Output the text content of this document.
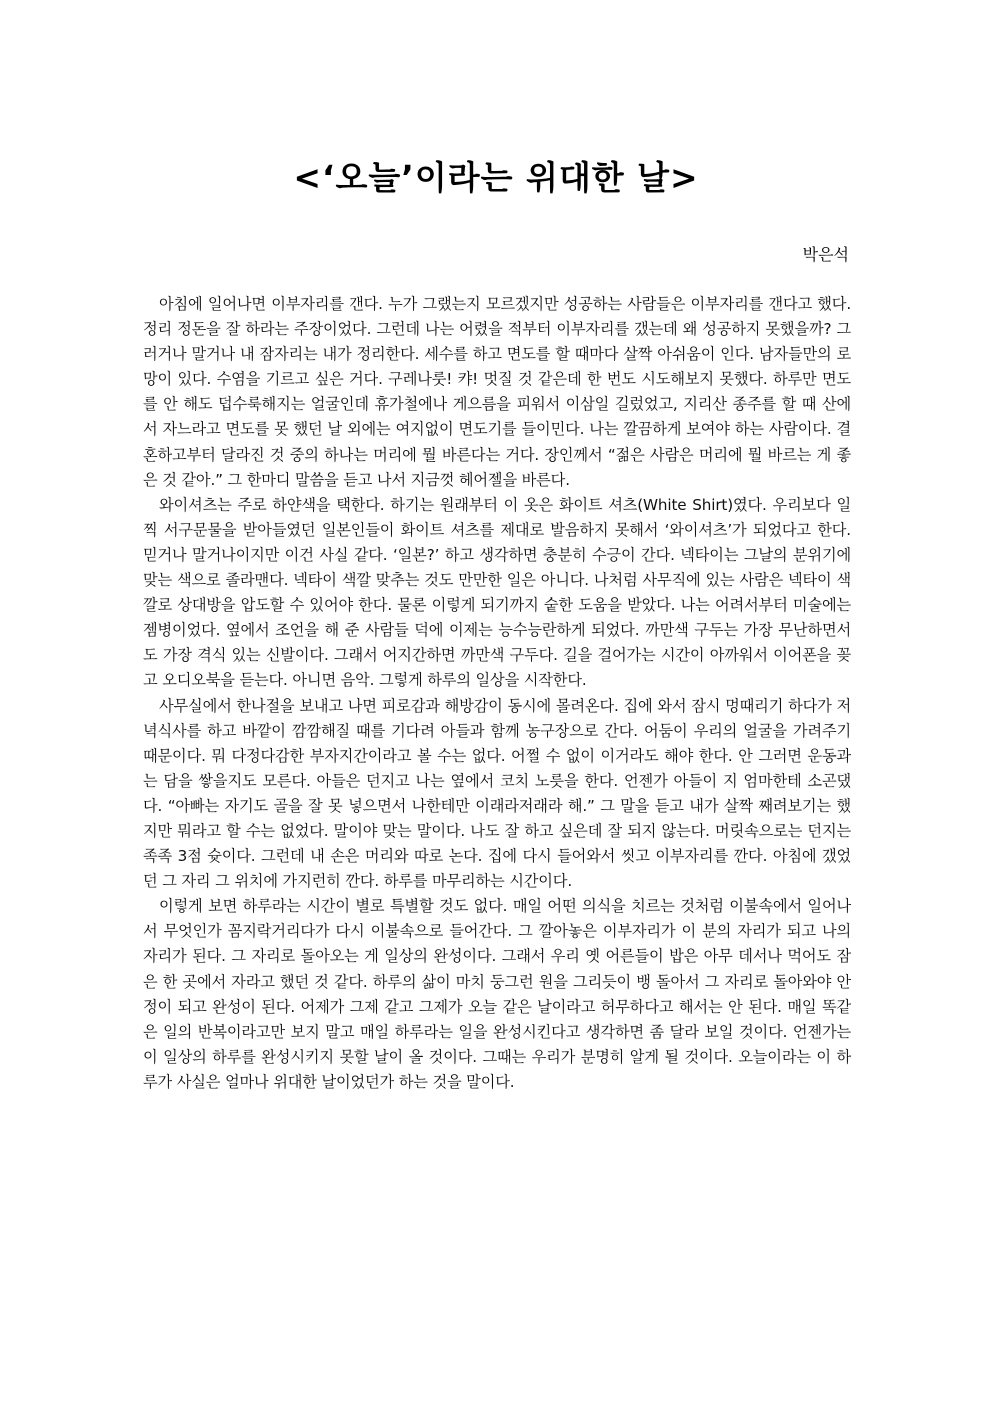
<‘오늘’이라는 위대한 날>
박은석

아침에 일어나면 이부자리를 갠다. 누가 그랬는지 모르겠지만 성공하는 사람들은 이부자리를 갠다고 했다. 정리 정돈을 잘 하라는 주장이었다. 그런데 나는 어렸을 적부터 이부자리를 갰는데 왜 성공하지 못했을까? 그러거나 말거나 내 잠자리는 내가 정리한다. 세수를 하고 면도를 할 때마다 살짝 아쉬움이 인다. 남자들만의 로망이 있다. 수염을 기르고 싶은 거다. 구레나룻! 캬! 멋질 것 같은데 한 번도 시도해보지 못했다. 하루만 면도를 안 해도 덥수룩해지는 얼굴인데 휴가철에나 게으름을 피워서 이삼일 길렀었고, 지리산 종주를 할 때 산에서 자느라고 면도를 못 했던 날 외에는 여지없이 면도기를 들이민다. 나는 깔끔하게 보여야 하는 사람이다. 결혼하고부터 달라진 것 중의 하나는 머리에 뭘 바른다는 거다. 장인께서 “젊은 사람은 머리에 뭘 바르는 게 좋은 것 같아.” 그 한마디 말씀을 듣고 나서 지금껏 헤어젤을 바른다.

와이셔츠는 주로 하얀색을 택한다. 하기는 원래부터 이 옷은 화이트 셔츠(White Shirt)였다. 우리보다 일찍 서구문물을 받아들였던 일본인들이 화이트 셔츠를 제대로 발음하지 못해서 ‘와이셔츠’가 되었다고 한다. 믿거나 말거나이지만 이건 사실 같다. ‘일본?’ 하고 생각하면 충분히 수긍이 간다. 넥타이는 그날의 분위기에 맞는 색으로 졸라맨다. 넥타이 색깔 맞추는 것도 만만한 일은 아니다. 나처럼 사무직에 있는 사람은 넥타이 색깔로 상대방을 압도할 수 있어야 한다. 물론 이렇게 되기까지 숱한 도움을 받았다. 나는 어려서부터 미술에는 젬병이었다. 옆에서 조언을 해 준 사람들 덕에 이제는 능수능란하게 되었다. 까만색 구두는 가장 무난하면서도 가장 격식 있는 신발이다. 그래서 어지간하면 까만색 구두다. 길을 걸어가는 시간이 아까워서 이어폰을 꽂고 오디오북을 듣는다. 아니면 음악. 그렇게 하루의 일상을 시작한다.

사무실에서 한나절을 보내고 나면 피로감과 해방감이 동시에 몰려온다. 집에 와서 잠시 멍때리기 하다가 저녁식사를 하고 바깥이 깜깜해질 때를 기다려 아들과 함께 농구장으로 간다. 어둠이 우리의 얼굴을 가려주기 때문이다. 뭐 다정다감한 부자지간이라고 볼 수는 없다. 어쩔 수 없이 이거라도 해야 한다. 안 그러면 운동과는 담을 쌓을지도 모른다. 아들은 던지고 나는 옆에서 코치 노릇을 한다. 언젠가 아들이 지 엄마한테 소곤댔다. “아빠는 자기도 골을 잘 못 넣으면서 나한테만 이래라저래라 해.” 그 말을 듣고 내가 살짝 째려보기는 했지만 뭐라고 할 수는 없었다. 말이야 맞는 말이다. 나도 잘 하고 싶은데 잘 되지 않는다. 머릿속으로는 던지는 족족 3점 슛이다. 그런데 내 손은 머리와 따로 논다. 집에 다시 들어와서 씻고 이부자리를 깐다. 아침에 갰었던 그 자리 그 위치에 가지런히 깐다. 하루를 마무리하는 시간이다.

이렇게 보면 하루라는 시간이 별로 특별할 것도 없다. 매일 어떤 의식을 치르는 것처럼 이불속에서 일어나서 무엇인가 꼼지락거리다가 다시 이불속으로 들어간다. 그 깔아놓은 이부자리가 이 분의 자리가 되고 나의 자리가 된다. 그 자리로 돌아오는 게 일상의 완성이다. 그래서 우리 옛 어른들이 밥은 아무 데서나 먹어도 잠은 한 곳에서 자라고 했던 것 같다. 하루의 삶이 마치 둥그런 원을 그리듯이 뱅 돌아서 그 자리로 돌아와야 안정이 되고 완성이 된다. 어제가 그제 같고 그제가 오늘 같은 날이라고 허무하다고 해서는 안 된다. 매일 똑같은 일의 반복이라고만 보지 말고 매일 하루라는 일을 완성시킨다고 생각하면 좀 달라 보일 것이다. 언젠가는 이 일상의 하루를 완성시키지 못할 날이 올 것이다. 그때는 우리가 분명히 알게 될 것이다. 오늘이라는 이 하루가 사실은 얼마나 위대한 날이었던가 하는 것을 말이다.
